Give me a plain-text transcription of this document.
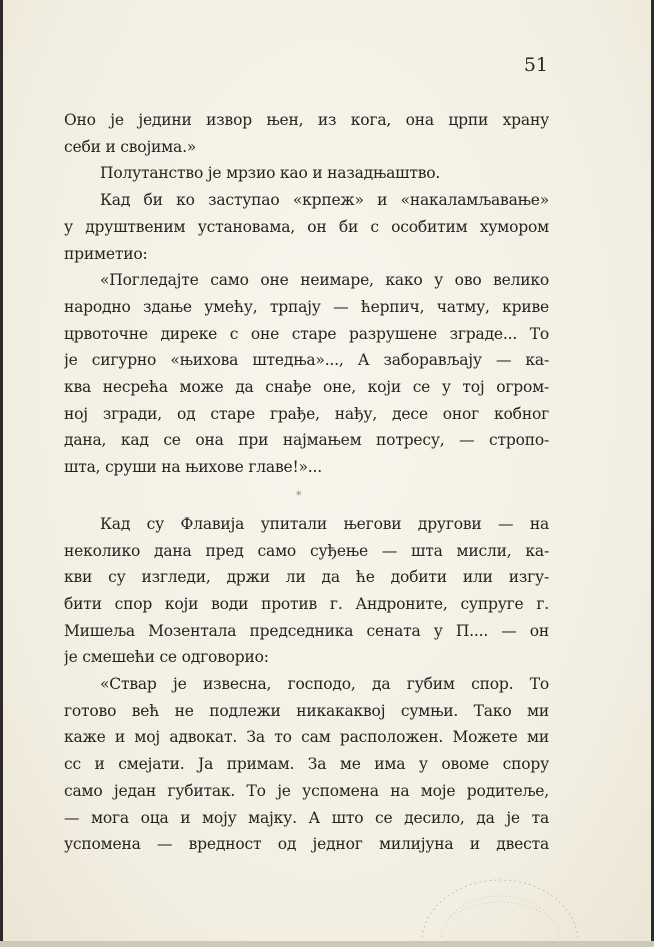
51
Оно је једини извор њен, из кога, она црпи храну
себи и својима.»
Полутанство је мрзио као и назадњаштво.
Кад би ко заступао «крпеж» и «накаламљавање»
у друштвеним установама, он би с особитим хумором
приметио:
«Погледајте само оне неимаре, како у ово велико
народно здање умећу, трпају — ћерпич, чатму, криве
црвоточне диреке с оне старе разрушене зграде... То
је сигурно «њихова штедња»..., А заборављају — ка-
ква несрећа може да снађе оне, који се у тој огром-
ној згради, од старе грађе, нађу, десе оног кобног
дана, кад се она при најмањем потресу, — стропо-
шта, сруши на њихове главе!»...
*
Кад су Флавија упитали његови другови — на
неколико дана пред само суђење — шта мисли, ка-
кви су изгледи, држи ли да ће добити или изгу-
бити спор који води против г. Андроните, супруге г.
Мишеља Мозентала председника сената у П.... — он
је смешећи се одговорио:
«Ствар је извесна, господо, да губим спор. То
готово већ не подлежи никакаквој сумњи. Тако ми
каже и мој адвокат. За то сам расположен. Можете ми
сс и смејати. Ја примам. За ме има у овоме спору
само један губитак. То је успомена на моје родитеље,
— мога оца и мoју мајку. А што се десило, да је та
успомена — вредност од једног милијуна и двеста
